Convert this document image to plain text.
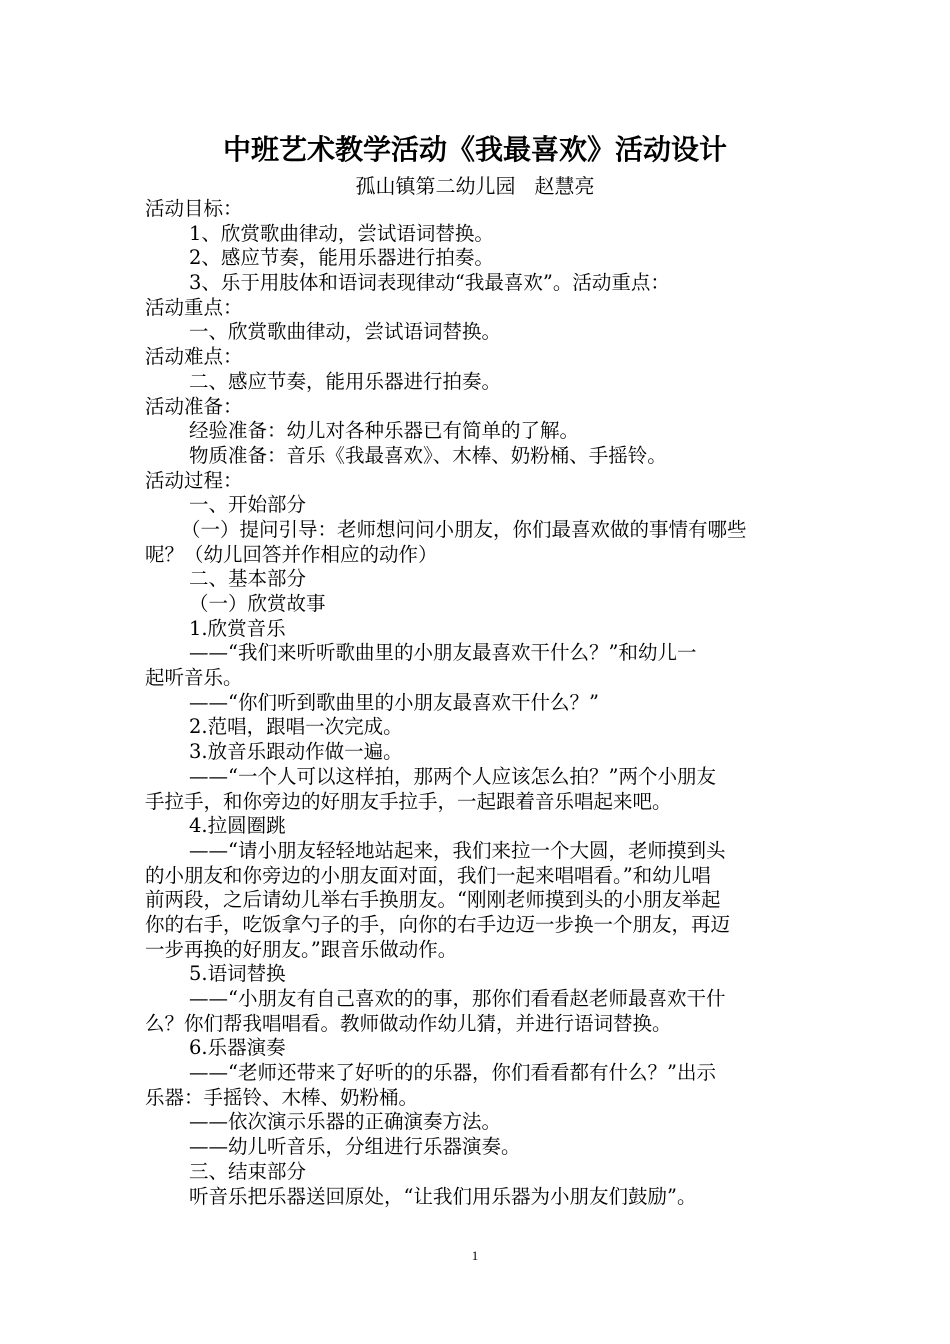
中班艺术教学活动《我最喜欢》活动设计
孤山镇第二幼儿园   赵慧亮
活动目标：
1、欣赏歌曲律动，尝试语词替换。
2、感应节奏，能用乐器进行拍奏。
3、乐于用肢体和语词表现律动“我最喜欢”。活动重点：
活动重点：
一、欣赏歌曲律动，尝试语词替换。
活动难点：
二、感应节奏，能用乐器进行拍奏。
活动准备：
经验准备：幼儿对各种乐器已有简单的了解。
物质准备：音乐《我最喜欢》、木棒、奶粉桶、手摇铃。
活动过程：
一、开始部分
（一）提问引导：老师想问问小朋友，你们最喜欢做的事情有哪些
呢？（幼儿回答并作相应的动作）
二、基本部分
（一）欣赏故事
1.欣赏音乐
——“我们来听听歌曲里的小朋友最喜欢干什么？”和幼儿一
起听音乐。
——“你们听到歌曲里的小朋友最喜欢干什么？”
2.范唱，跟唱一次完成。
3.放音乐跟动作做一遍。
——“一个人可以这样拍，那两个人应该怎么拍？”两个小朋友
手拉手，和你旁边的好朋友手拉手，一起跟着音乐唱起来吧。
4.拉圆圈跳
——“请小朋友轻轻地站起来，我们来拉一个大圆，老师摸到头
的小朋友和你旁边的小朋友面对面，我们一起来唱唱看。”和幼儿唱
前两段，之后请幼儿举右手换朋友。“刚刚老师摸到头的小朋友举起
你的右手，吃饭拿勺子的手，向你的右手边迈一步换一个朋友，再迈
一步再换的好朋友。”跟音乐做动作。
5.语词替换
——“小朋友有自己喜欢的的事，那你们看看赵老师最喜欢干什
么？你们帮我唱唱看。教师做动作幼儿猜，并进行语词替换。
6.乐器演奏
——“老师还带来了好听的的乐器，你们看看都有什么？”出示
乐器：手摇铃、木棒、奶粉桶。
——依次演示乐器的正确演奏方法。
——幼儿听音乐，分组进行乐器演奏。
三、结束部分
听音乐把乐器送回原处，“让我们用乐器为小朋友们鼓励”。
1
